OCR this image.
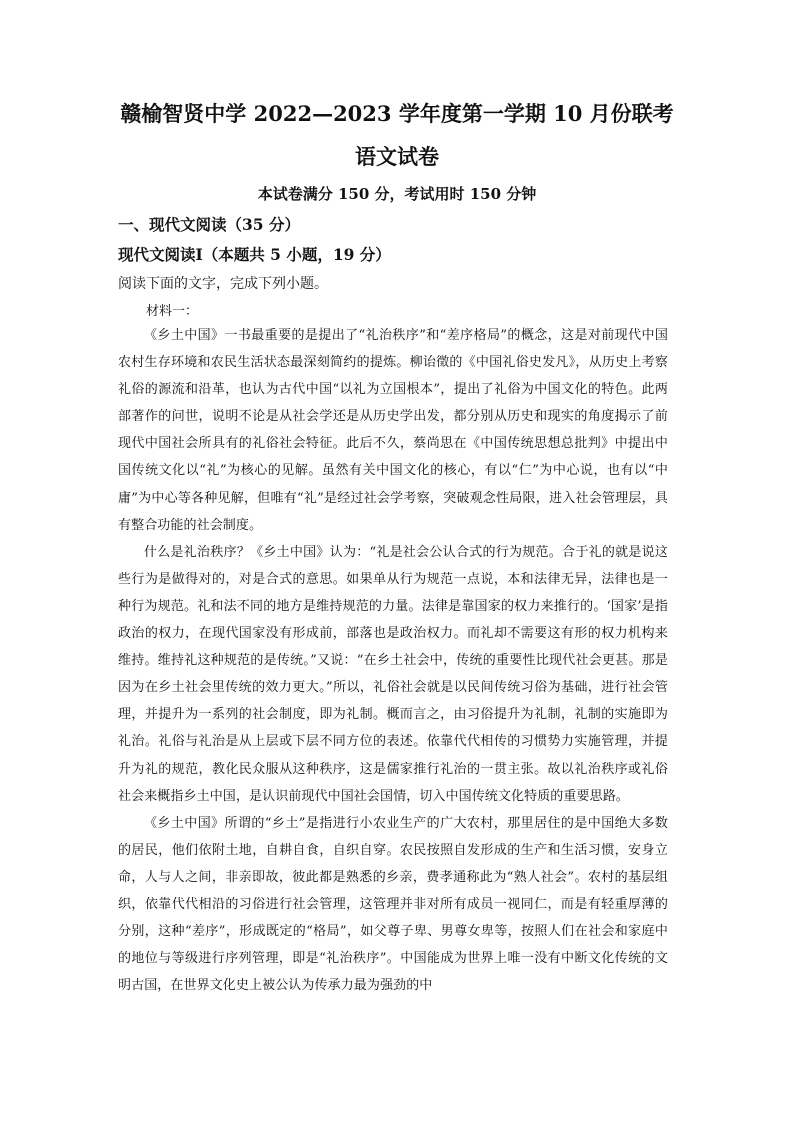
赣榆智贤中学 2022—2023 学年度第一学期 10 月份联考
语文试卷
本试卷满分 150 分，考试用时 150 分钟
一、现代文阅读（35 分）
现代文阅读Ⅰ（本题共 5 小题，19 分）
阅读下面的文字，完成下列小题。
材料一：

《乡土中国》一书最重要的是提出了“礼治秩序”和“差序格局”的概念，这是对前现代中国农村生存环境和农民生活状态最深刻简约的提炼。柳诒徵的《中国礼俗史发凡》，从历史上考察礼俗的源流和沿革，也认为古代中国“以礼为立国根本”，提出了礼俗为中国文化的特色。此两部著作的问世，说明不论是从社会学还是从历史学出发，都分别从历史和现实的角度揭示了前现代中国社会所具有的礼俗社会特征。此后不久，蔡尚思在《中国传统思想总批判》中提出中国传统文化以“礼”为核心的见解。虽然有关中国文化的核心，有以“仁”为中心说，也有以“中庸”为中心等各种见解，但唯有“礼”是经过社会学考察，突破观念性局限，进入社会管理层，具有整合功能的社会制度。

什么是礼治秩序？《乡土中国》认为：“礼是社会公认合式的行为规范。合于礼的就是说这些行为是做得对的，对是合式的意思。如果单从行为规范一点说，本和法律无异，法律也是一种行为规范。礼和法不同的地方是维持规范的力量。法律是靠国家的权力来推行的。‘国家’是指政治的权力，在现代国家没有形成前，部落也是政治权力。而礼却不需要这有形的权力机构来维持。维持礼这种规范的是传统。”又说：“在乡土社会中，传统的重要性比现代社会更甚。那是因为在乡土社会里传统的效力更大。”所以，礼俗社会就是以民间传统习俗为基础，进行社会管理，并提升为一系列的社会制度，即为礼制。概而言之，由习俗提升为礼制，礼制的实施即为礼治。礼俗与礼治是从上层或下层不同方位的表述。依靠代代相传的习惯势力实施管理，并提升为礼的规范，教化民众服从这种秩序，这是儒家推行礼治的一贯主张。故以礼治秩序或礼俗社会来概指乡土中国，是认识前现代中国社会国情，切入中国传统文化特质的重要思路。

《乡土中国》所谓的“乡土”是指进行小农业生产的广大农村，那里居住的是中国绝大多数的居民，他们依附土地，自耕自食，自织自穿。农民按照自发形成的生产和生活习惯，安身立命，人与人之间，非亲即故，彼此都是熟悉的乡亲，费孝通称此为“熟人社会”。农村的基层组织，依靠代代相沿的习俗进行社会管理，这管理并非对所有成员一视同仁，而是有轻重厚薄的分别，这种“差序”，形成既定的“格局”，如父尊子卑、男尊女卑等，按照人们在社会和家庭中的地位与等级进行序列管理，即是“礼治秩序”。中国能成为世界上唯一没有中断文化传统的文明古国，在世界文化史上被公认为传承力最为强劲的中
